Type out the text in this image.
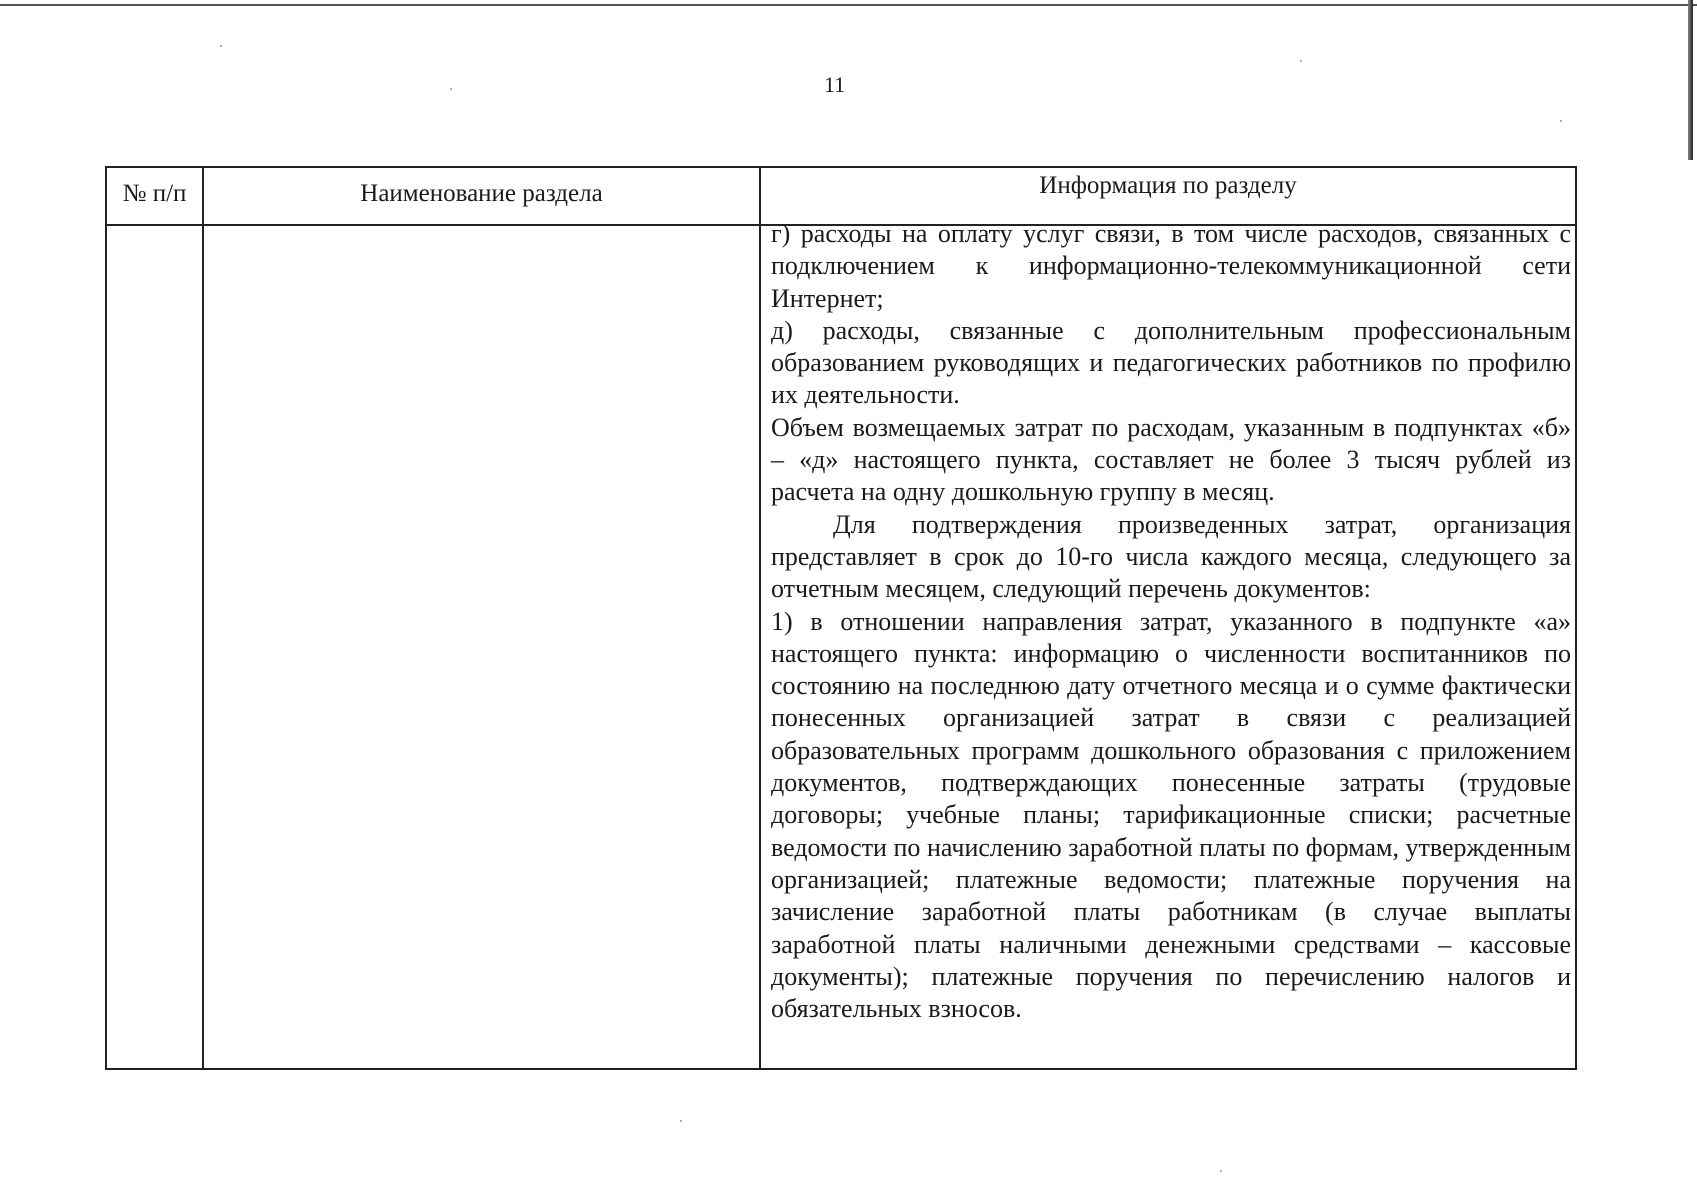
11
№ п/п	Наименование раздела	Информация по разделу

г) расходы на оплату услуг связи, в том числе расходов, связанных с подключением к информационно-телекоммуникационной сети Интернет;

д) расходы, связанные с дополнительным профессиональным образованием руководящих и педагогических работников по профилю их деятельности.

Объем возмещаемых затрат по расходам, указанным в подпунктах «б» – «д» настоящего пункта, составляет не более 3 тысяч рублей из расчета на одну дошкольную группу в месяц.

Для подтверждения произведенных затрат, организация представляет в срок до 10-го числа каждого месяца, следующего за отчетным месяцем, следующий перечень документов:

1) в отношении направления затрат, указанного в подпункте «а» настоящего пункта: информацию о численности воспитанников по состоянию на последнюю дату отчетного месяца и о сумме фактически понесенных организацией затрат в связи с реализацией образовательных программ дошкольного образования с приложением документов, подтверждающих понесенные затраты (трудовые договоры; учебные планы; тарификационные списки; расчетные ведомости по начислению заработной платы по формам, утвержденным организацией; платежные ведомости; платежные поручения на зачисление заработной платы работникам (в случае выплаты заработной платы наличными денежными средствами – кассовые документы); платежные поручения по перечислению налогов и обязательных взносов.
